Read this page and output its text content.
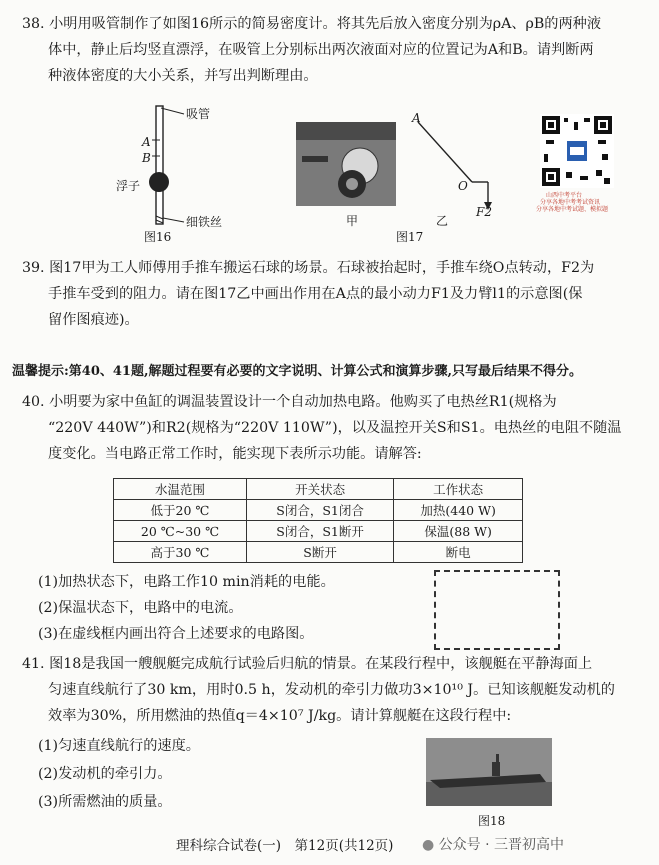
38. 小明用吸管制作了如图16所示的简易密度计。将其先后放入密度分别为ρA、ρB的两种液
体中，静止后均竖直漂浮，在吸管上分别标出两次液面对应的位置记为A和B。请判断两
种液体密度的大小关系，并写出判断理由。
吸管
A
B
浮子
细铁丝
图16
甲
A
O
F2
乙
图17
山西中考平台
分享各地中考考试资讯
分享各地中考试题、模拟题
39. 图17甲为工人师傅用手推车搬运石球的场景。石球被抬起时，手推车绕O点转动，F2为
手推车受到的阻力。请在图17乙中画出作用在A点的最小动力F1及力臂l1的示意图(保
留作图痕迹)。
温馨提示:第40、41题,解题过程要有必要的文字说明、计算公式和演算步骤,只写最后结果不得分。
40. 小明要为家中鱼缸的调温装置设计一个自动加热电路。他购买了电热丝R1(规格为
“220V 440W”)和R2(规格为“220V 110W”)，以及温控开关S和S1。电热丝的电阻不随温
度变化。当电路正常工作时，能实现下表所示功能。请解答:
水温范围	开关状态	工作状态
低于20 ℃	S闭合，S1闭合	加热(440 W)
20 ℃~30 ℃	S闭合，S1断开	保温(88 W)
高于30 ℃	S断开	断电
(1)加热状态下，电路工作10 min消耗的电能。
(2)保温状态下，电路中的电流。
(3)在虚线框内画出符合上述要求的电路图。
41. 图18是我国一艘舰艇完成航行试验后归航的情景。在某段行程中，该舰艇在平静海面上
匀速直线航行了30 km，用时0.5 h，发动机的牵引力做功3×10¹⁰ J。已知该舰艇发动机的
效率为30%，所用燃油的热值q＝4×10⁷ J/kg。请计算舰艇在这段行程中:
(1)匀速直线航行的速度。
(2)发动机的牵引力。
(3)所需燃油的质量。
图18
理科综合试卷(一)　第12页(共12页) ● 公众号 · 三晋初高中
